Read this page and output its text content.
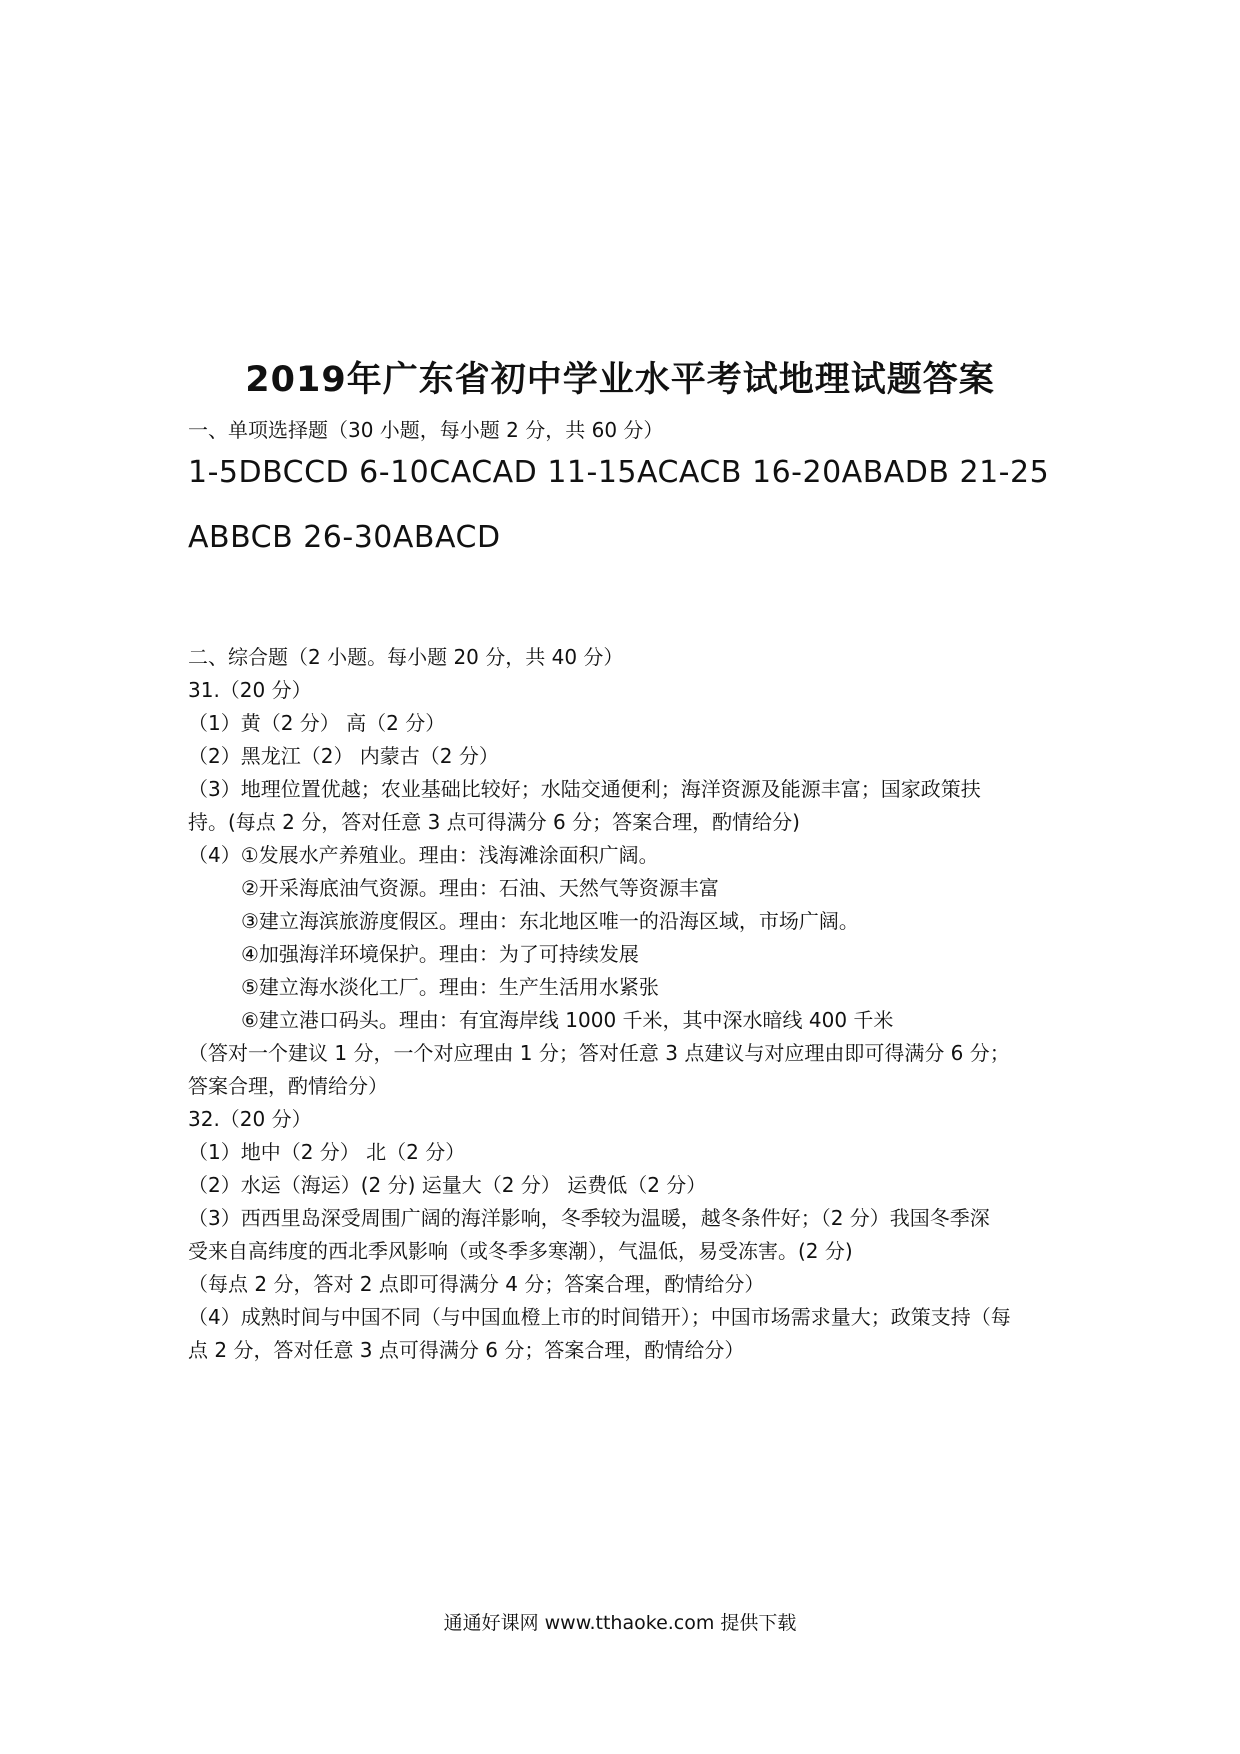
2019年广东省初中学业水平考试地理试题答案
一、单项选择题（30 小题，每小题 2 分，共 60 分）
1-5DBCCD 6-10CACAD 11-15ACACB 16-20ABADB 21-25
ABBCB 26-30ABACD
二、综合题（2 小题。每小题 20 分，共 40 分）
31.（20 分）
（1）黄（2 分） 高（2 分）
（2）黑龙江（2） 内蒙古（2 分）
（3）地理位置优越；农业基础比较好；水陆交通便利；海洋资源及能源丰富；国家政策扶
持。(每点 2 分，答对任意 3 点可得满分 6 分；答案合理，酌情给分)
（4）①发展水产养殖业。理由：浅海滩涂面积广阔。
②开采海底油气资源。理由：石油、天然气等资源丰富
③建立海滨旅游度假区。理由：东北地区唯一的沿海区域，市场广阔。
④加强海洋环境保护。理由：为了可持续发展
⑤建立海水淡化工厂。理由：生产生活用水紧张
⑥建立港口码头。理由：有宜海岸线 1000 千米，其中深水暗线 400 千米
（答对一个建议 1 分，一个对应理由 1 分；答对任意 3 点建议与对应理由即可得满分 6 分；
答案合理，酌情给分）
32.（20 分）
（1）地中（2 分） 北（2 分）
（2）水运（海运）(2 分) 运量大（2 分） 运费低（2 分）
（3）西西里岛深受周围广阔的海洋影响，冬季较为温暖，越冬条件好；（2 分）我国冬季深
受来自高纬度的西北季风影响（或冬季多寒潮），气温低，易受冻害。(2 分)
（每点 2 分，答对 2 点即可得满分 4 分；答案合理，酌情给分）
（4）成熟时间与中国不同（与中国血橙上市的时间错开）；中国市场需求量大；政策支持（每
点 2 分，答对任意 3 点可得满分 6 分；答案合理，酌情给分）
通通好课网 www.tthaoke.com 提供下载
